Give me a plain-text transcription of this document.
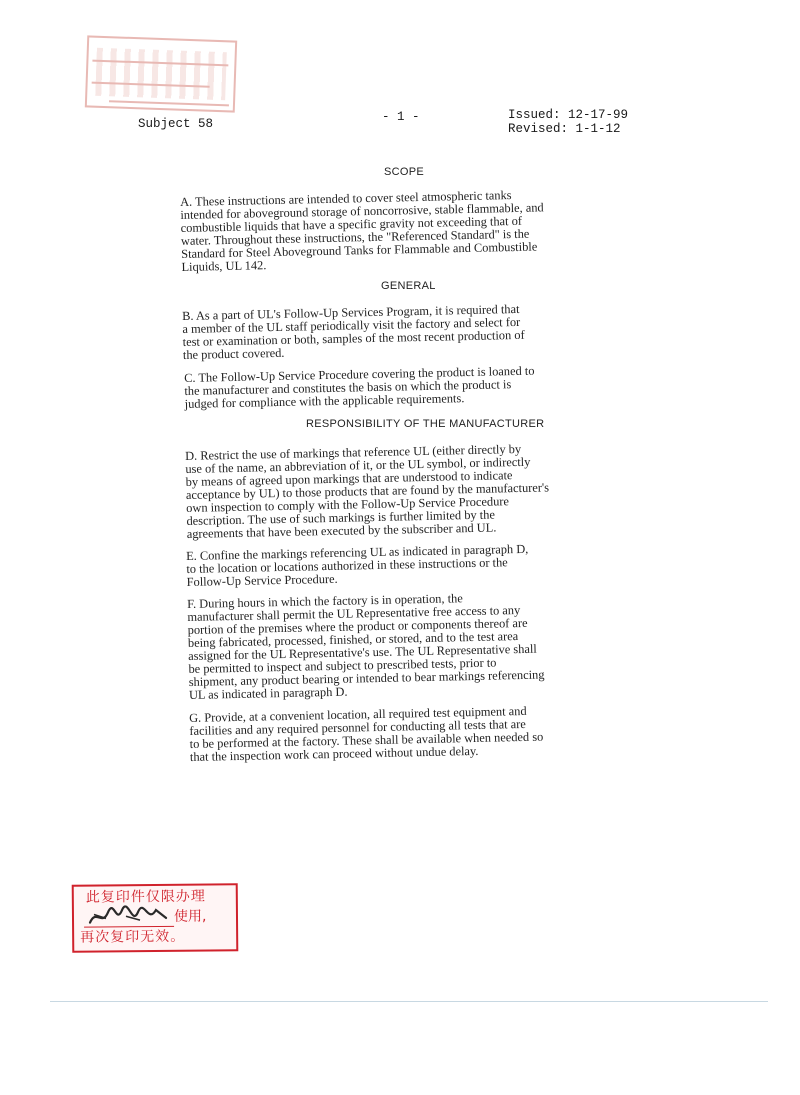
Subject 58	- 1 -	Issued: 12-17-99
Revised: 1-1-12
SCOPE

A. These instructions are intended to cover steel atmospheric tanks
intended for aboveground storage of noncorrosive, stable flammable, and
combustible liquids that have a specific gravity not exceeding that of
water. Throughout these instructions, the "Referenced Standard" is the
Standard for Steel Aboveground Tanks for Flammable and Combustible
Liquids, UL 142.

GENERAL

B. As a part of UL's Follow-Up Services Program, it is required that
a member of the UL staff periodically visit the factory and select for
test or examination or both, samples of the most recent production of
the product covered.

C. The Follow-Up Service Procedure covering the product is loaned to
the manufacturer and constitutes the basis on which the product is
judged for compliance with the applicable requirements.

RESPONSIBILITY OF THE MANUFACTURER

D. Restrict the use of markings that reference UL (either directly by
use of the name, an abbreviation of it, or the UL symbol, or indirectly
by means of agreed upon markings that are understood to indicate
acceptance by UL) to those products that are found by the manufacturer's
own inspection to comply with the Follow-Up Service Procedure
description. The use of such markings is further limited by the
agreements that have been executed by the subscriber and UL.

E. Confine the markings referencing UL as indicated in paragraph D,
to the location or locations authorized in these instructions or the
Follow-Up Service Procedure.

F. During hours in which the factory is in operation, the
manufacturer shall permit the UL Representative free access to any
portion of the premises where the product or components thereof are
being fabricated, processed, finished, or stored, and to the test area
assigned for the UL Representative's use. The UL Representative shall
be permitted to inspect and subject to prescribed tests, prior to
shipment, any product bearing or intended to bear markings referencing
UL as indicated in paragraph D.

G. Provide, at a convenient location, all required test equipment and
facilities and any required personnel for conducting all tests that are
to be performed at the factory. These shall be available when needed so
that the inspection work can proceed without undue delay.

此复印件仅限办理
使用,
再次复印无效。
